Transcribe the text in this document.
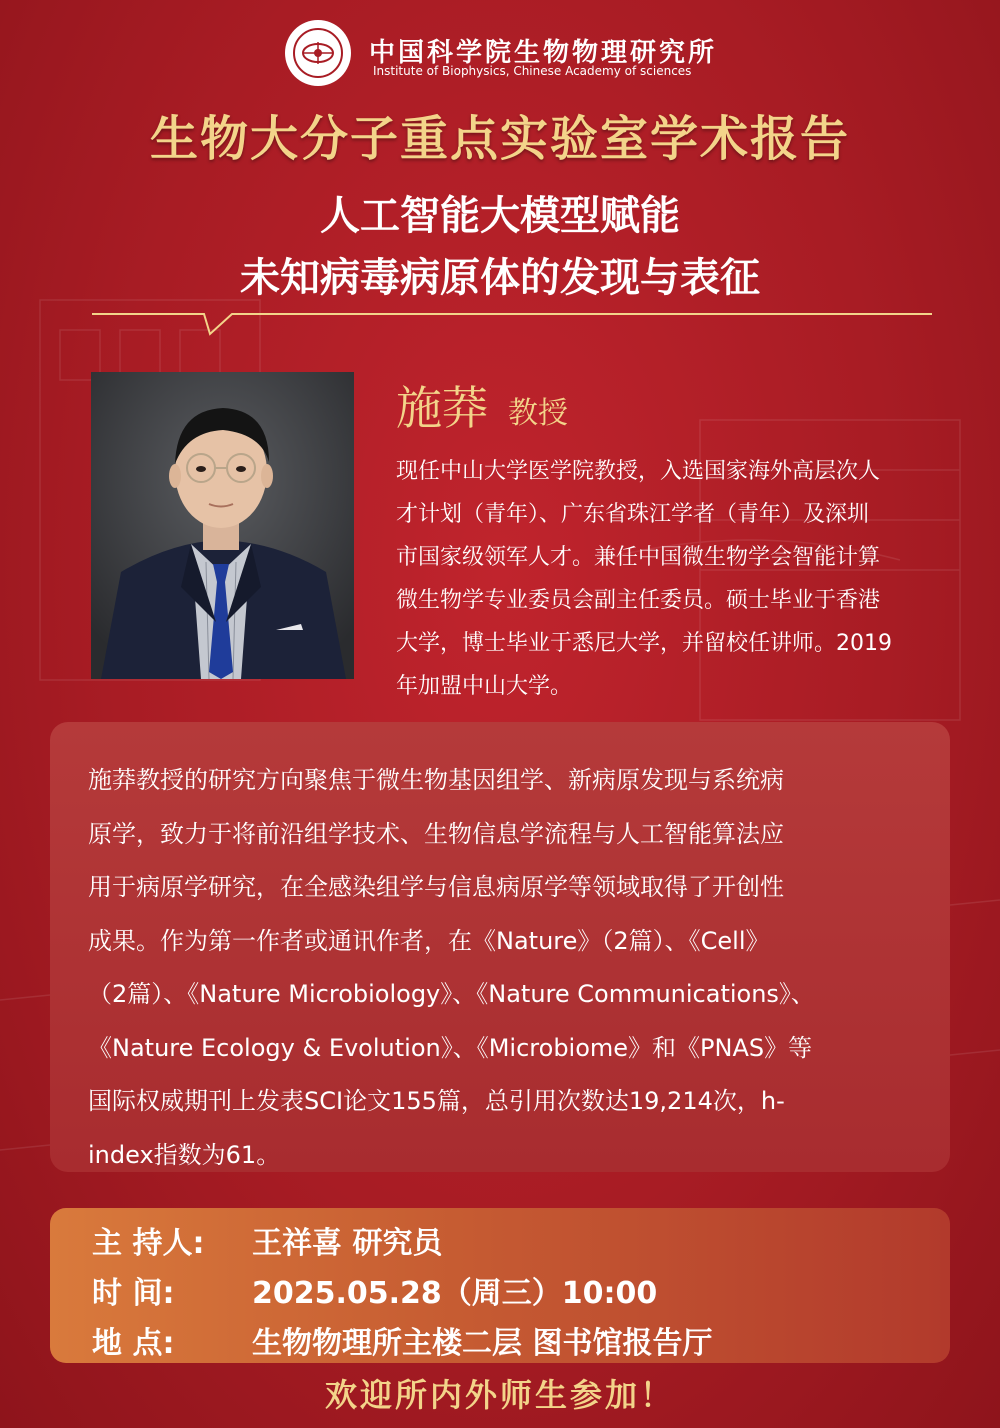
中国科学院生物物理研究所
Institute of Biophysics, Chinese Academy of sciences
生物大分子重点实验室学术报告
人工智能大模型赋能
未知病毒病原体的发现与表征
施莽 教授
现任中山大学医学院教授，入选国家海外高层次人
才计划（青年）、广东省珠江学者（青年）及深圳
市国家级领军人才。兼任中国微生物学会智能计算
微生物学专业委员会副主任委员。硕士毕业于香港
大学，博士毕业于悉尼大学，并留校任讲师。2019
年加盟中山大学。
施莽教授的研究方向聚焦于微生物基因组学、新病原发现与系统病
原学，致力于将前沿组学技术、生物信息学流程与人工智能算法应
用于病原学研究，在全感染组学与信息病原学等领域取得了开创性
成果。作为第一作者或通讯作者，在《Nature》（2篇）、《Cell》
（2篇）、《Nature Microbiology》、《Nature Communications》、
《Nature Ecology & Evolution》、《Microbiome》和《PNAS》等
国际权威期刊上发表SCI论文155篇，总引用次数达19,214次，h-
index指数为61。
主 持人:	王祥喜 研究员
时 间:	2025.05.28（周三）10:00
地 点:	生物物理所主楼二层 图书馆报告厅
欢迎所内外师生参加！
